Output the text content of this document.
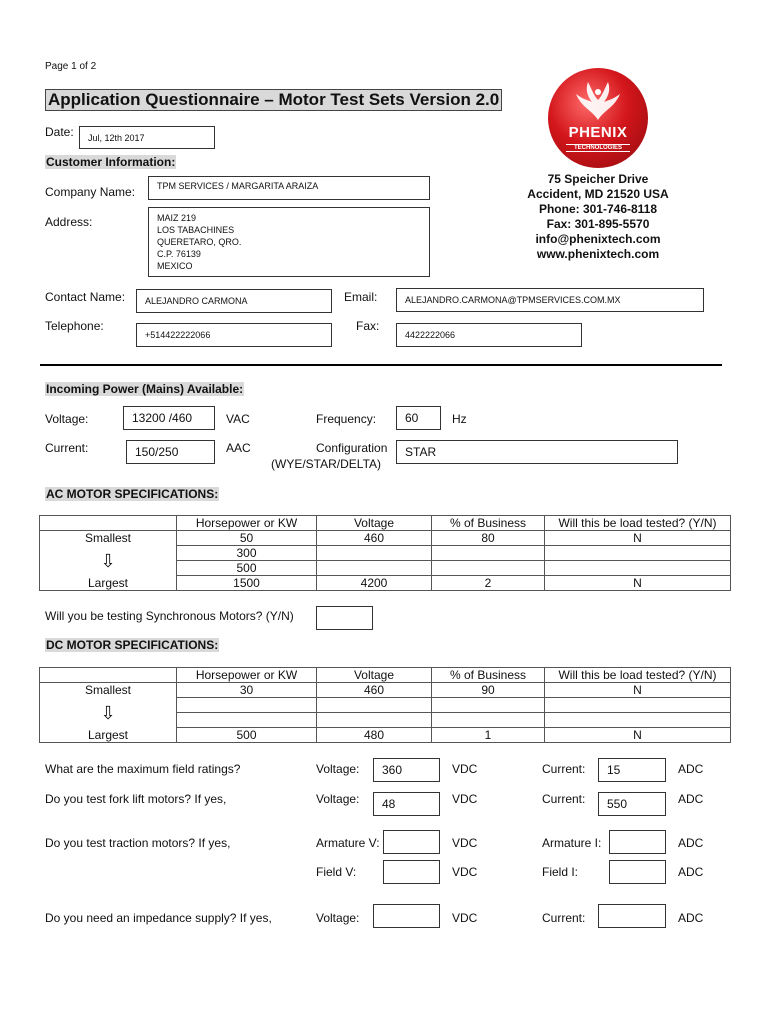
Page 1 of 2
Application Questionnaire – Motor Test Sets Version 2.0
PHENIX
TECHNOLOGIES
75 Speicher Drive
Accident, MD 21520 USA
Phone: 301-746-8118
Fax: 301-895-5570
info@phenixtech.com
www.phenixtech.com
Date:	Jul, 12th 2017
Customer Information:
Company Name:	TPM SERVICES / MARGARITA ARAIZA
Address:	MAIZ 219
LOS TABACHINES
QUERETARO, QRO.
C.P. 76139
MEXICO
Contact Name:	ALEJANDRO CARMONA	Email:	ALEJANDRO.CARMONA@TPMSERVICES.COM.MX
Telephone:
+514422222066
Fax:
4422222066
Incoming Power (Mains) Available:
Voltage:	13200 /460	VAC	Frequency:	60	Hz
Current:	150/250	AAC	Configuration
(WYE/STAR/DELTA)
STAR
AC MOTOR SPECIFICATIONS:
	Horsepower or KW	Voltage	% of Business	Will this be load tested? (Y/N)
Smallest	50	460	80	N
⇩	300			
	500			
Largest	1500	4200	2	N
Will you be testing Synchronous Motors? (Y/N)
DC MOTOR SPECIFICATIONS:
	Horsepower or KW	Voltage	% of Business	Will this be load tested? (Y/N)
Smallest	30	460	90	N
⇩				

Largest	500	480	1	N
What are the maximum field ratings?	Voltage:	360	VDC	Current:	15	ADC
Do you test fork lift motors? If yes,	Voltage:	48	VDC	Current:	550	ADC
Do you test traction motors? If yes,	Armature V:	VDC	Armature I:	ADC
Field V:	VDC	Field I:	ADC
Do you need an impedance supply? If yes,	Voltage:	VDC	Current:	ADC
